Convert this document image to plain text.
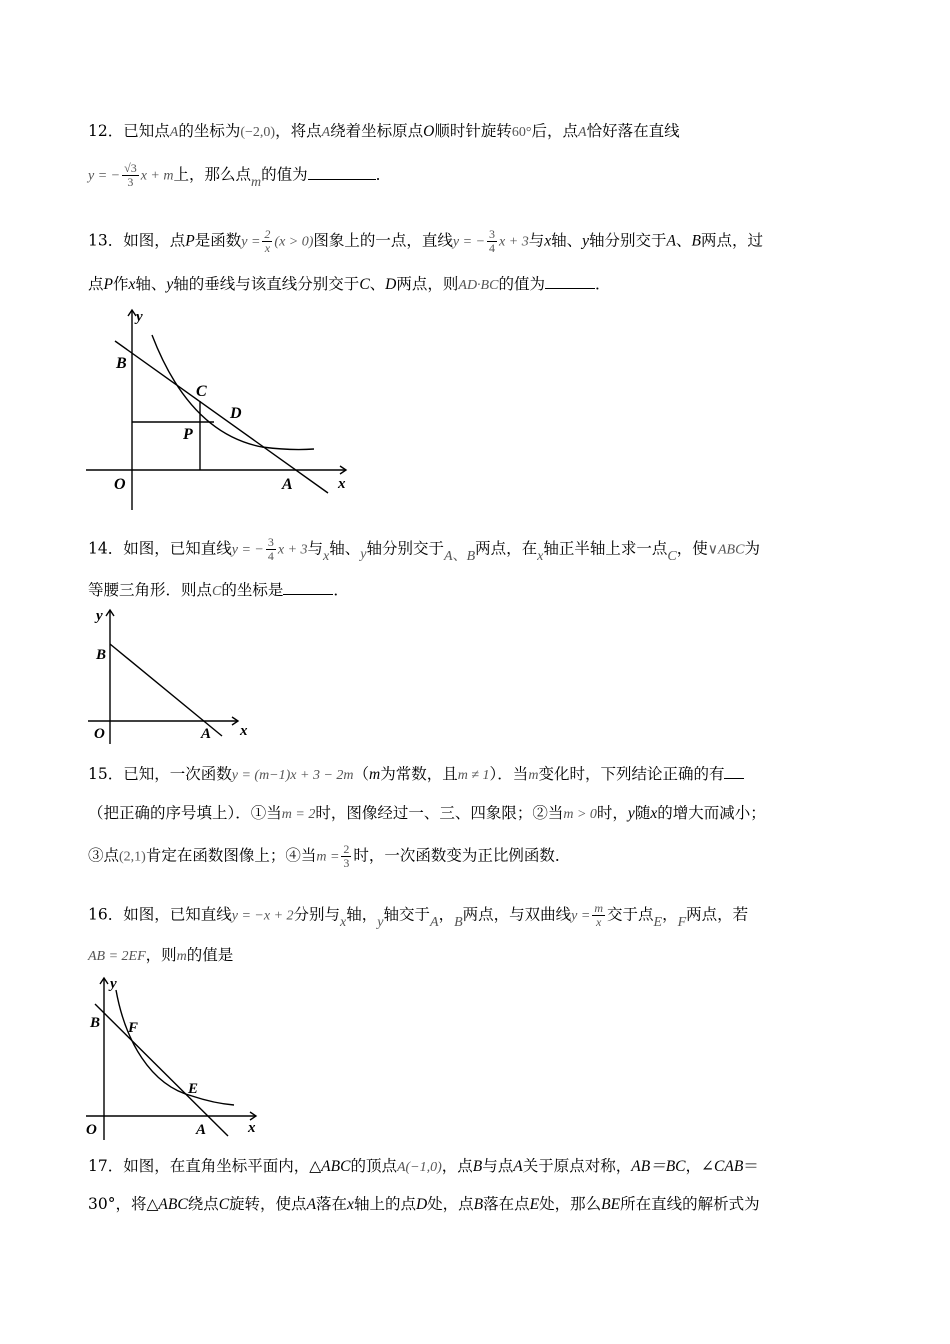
12．已知点A的坐标为(−2,0)，将点A绕着坐标原点O顺时针旋转60°后，点A恰好落在直线
y = − $\frac{√3}{3}$ x + m上，那么点m的值为	．
13．如图，点P是函数$y = \frac{2}{x} (x > 0)$图象上的一点，直线y = − $\frac{3}{4}$ x + 3与x轴、y轴分别交于A、B两点，过
点P作x轴、y轴的垂线与该直线分别交于C、D两点，则AD·BC的值为	．
y
B
C
D
P
O	A	x
14．如图，已知直线y = − $\frac{3}{4}$ x + 3与x轴、y轴分别交于A、B两点，在x轴正半轴上求一点C，使∨ABC为
等腰三角形．则点C的坐标是	．
y
B
O	A x
15．已知，一次函数y = (m−1)x + 3 − 2m（m为常数，且m ≠ 1）．当m变化时，下列结论正确的有
（把正确的序号填上）．①当m = 2时，图像经过一、三、四象限；②当m > 0时，y随x的增大而减小；
③点(2,1)肯定在函数图像上；④当$m = \frac{2}{3}$ 时，一次函数变为正比例函数．
16．如图，已知直线y = −x + 2分别与x轴，y轴交于A，B两点，与双曲线$y = \frac{m}{x}$ 交于点E，F两点，若
AB = 2EF，则m的值是
y
B F
E
O	A	x
17．如图，在直角坐标平面内，△ABC的顶点A(−1,0)，点B与点A关于原点对称，AB＝BC，∠CAB＝
30°，将△ABC绕点C旋转，使点A落在x轴上的点D处，点B落在点E处，那么BE所在直线的解析式为
